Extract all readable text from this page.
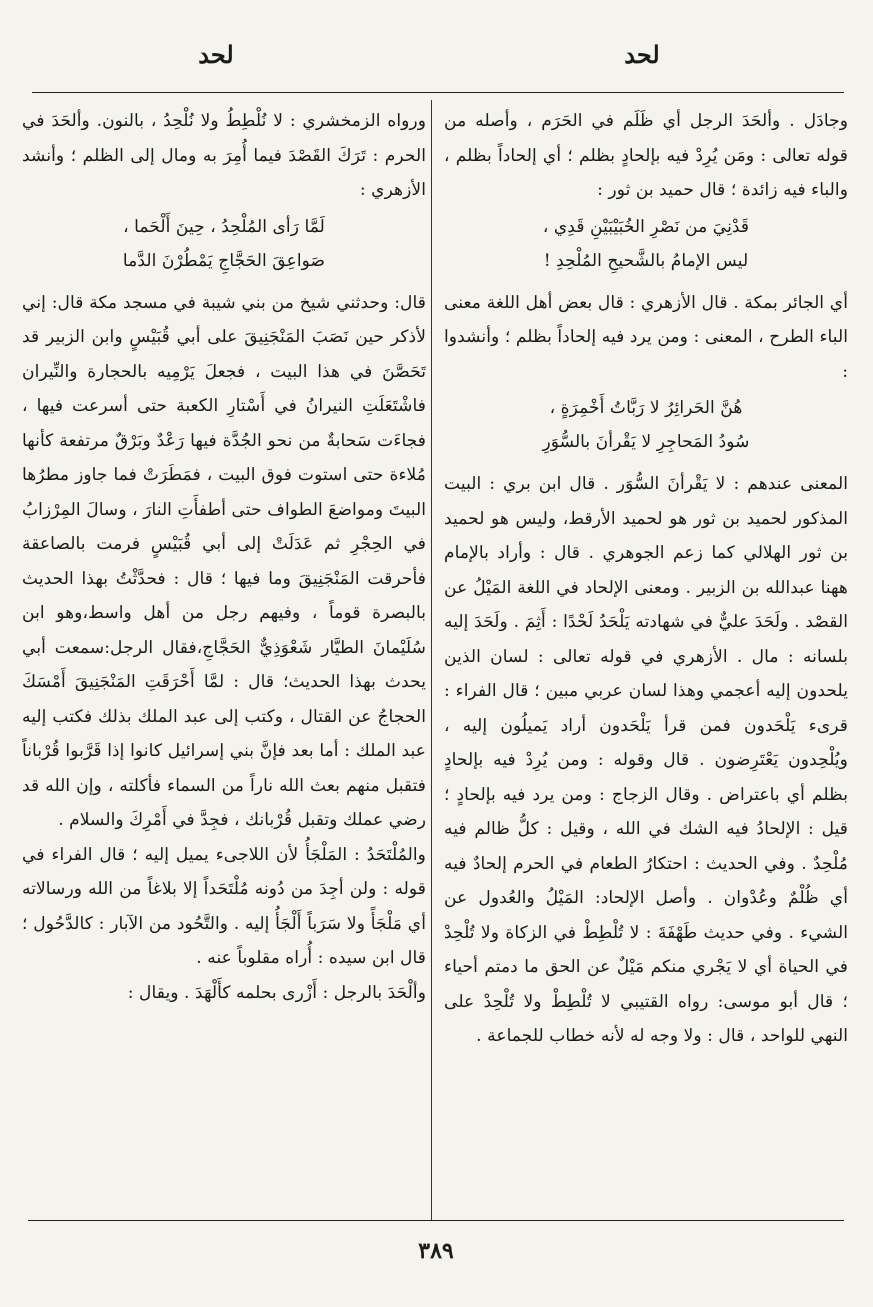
لحد
لحد

وجادَل . وألحَدَ الرجل أي ظَلَم في الحَرَم ، وأصله من قوله تعالى : ومَن يُرِدْ فيه بإلحادٍ بظلم ؛ أي إلحاداً بظلم ، والباء فيه زائدة ؛ قال حميد بن ثور :

قَدْنِيَ من نَصْرِ الخُبَيْبَيْنِ قَدِي ،
ليس الإمامُ بالشَّحيحِ المُلْحِدِ !

أي الجائر بمكة . قال الأزهري : قال بعض أهل اللغة معنى الباء الطرح ، المعنى : ومن يرد فيه إلحاداً بظلم ؛ وأنشدوا :

هُنَّ الحَرائِرُ لا رَبَّاتُ أَخْمِرَةٍ ،
سُودُ المَحاجِرِ لا يَقْرأنَ بالسُّوَرِ

المعنى عندهم : لا يَقْرأنَ السُّوَر . قال ابن بري : البيت المذكور لحميد بن ثور هو لحميد الأرقط، وليس هو لحميد بن ثور الهلالي كما زعم الجوهري . قال : وأراد بالإمام ههنا عبدالله بن الزبير . ومعنى الإلحاد في اللغة المَيْلُ عن القصْد . ولَحَدَ عليٌّ في شهادته يَلْحَدُ لَحْدًا : أَثِمَ . ولَحَدَ إليه بلسانه : مال . الأزهري في قوله تعالى : لسان الذين يلحدون إليه أعجمي وهذا لسان عربي مبين ؛ قال الفراء : قرىء يَلْحَدون فمن قرأ يَلْحَدون أراد يَميلُون إليه ، ويُلْحِدون يَعْتَرِضون . قال وقوله : ومن يُرِدْ فيه بإلحادٍ بظلم أي باعتراض . وقال الزجاج : ومن يرد فيه بإلحادٍ ؛ قيل : الإلحادُ فيه الشك في الله ، وقيل : كلُّ ظالم فيه مُلْحِدٌ . وفي الحديث : احتكارُ الطعام في الحرم إلحادٌ فيه أي ظُلْمٌ وعُدْوان . وأصل الإلحاد: المَيْلُ والعُدول عن الشيء . وفي حديث طَهْفَةَ : لا تُلْطِطْ في الزكاة ولا تُلْحِدْ في الحياة أي لا يَجْري منكم مَيْلٌ عن الحق ما دمتم أحياء ؛ قال أبو موسى: رواه القتيبي لا تُلْطِطْ ولا تُلْحِدْ على النهي للواحد ، قال : ولا وجه له لأنه خطاب للجماعة .

ورواه الزمخشري : لا نُلْطِطُ ولا نُلْحِدُ ، بالنون. وألحَدَ في الحرم : تَرَكَ القَصْدَ فيما أُمِرَ به ومال إلى الظلم ؛ وأنشد الأزهري :

لَمَّا رَأى المُلْحِدُ ، حِينَ أَلْحَما ،
صَواعِقَ الحَجَّاجِ يَمْطُرْنَ الدَّما

قال: وحدثني شيخ من بني شيبة في مسجد مكة قال: إني لأذكر حين نَصَبَ المَنْجَنِيقَ على أبي قُبَيْسٍ وابن الزبير قد تَحَصَّنَ في هذا البيت ، فجعلَ يَرْمِيه بالحجارة والنِّيران فاشْتَعَلَتِ النيرانُ في أَسْتارِ الكعبة حتى أسرعت فيها ، فجاءَت سَحابةٌ من نحو الجُدَّة فيها رَعْدٌ وبَرْقٌ مرتفعة كأنها مُلاءة حتى استوت فوق البيت ، فمَطَرَتْ فما جاوز مطرُها البيتَ ومواضعَ الطواف حتى أطفأَتِ النارَ ، وسالَ المِرْزابُ في الحِجْرِ ثم عَدَلَتْ إلى أبي قُبَيْسٍ فرمت بالصاعقة فأحرقت المَنْجَنِيقَ وما فيها ؛ قال : فحدَّثْتُ بهذا الحديث بالبصرة قوماً ، وفيهم رجل من أهل واسط،وهو ابن سُلَيْمانَ الطيَّار شَعْوَذِيٌّ الحَجَّاجِ،فقال الرجل:سمعت أبي يحدث بهذا الحديث؛ قال : لمَّا أَحْرَقَتِ المَنْجَنِيقَ أَمْسَكَ الحجاجُ عن القتال ، وكتب إلى عبد الملك بذلك فكتب إليه عبد الملك : أما بعد فإنَّ بني إسرائيل كانوا إذا قَرَّبوا قُرْباناً فتقبل منهم بعث الله ناراً من السماء فأكلته ، وإن الله قد رضي عملك وتقبل قُرْبانك ، فجِدَّ في أَمْرِكَ والسلام .

والمُلْتَحَدُ : المَلْجَأُ لأن اللاجىء يميل إليه ؛ قال الفراء في قوله : ولن أجِدَ من دُونه مُلْتَحَداً إلا بلاغاً من الله ورسالاته أي مَلْجَأً ولا سَرَباً أَلْجَأُ إليه . والتَّحُود من الآبار : كالدَّحُول ؛ قال ابن سيده : أُراه مقلوباً عنه .

وألْحَدَ بالرجل : أَزْرى بحلمه كأَلْهَدَ . ويقال :

٣٨٩
